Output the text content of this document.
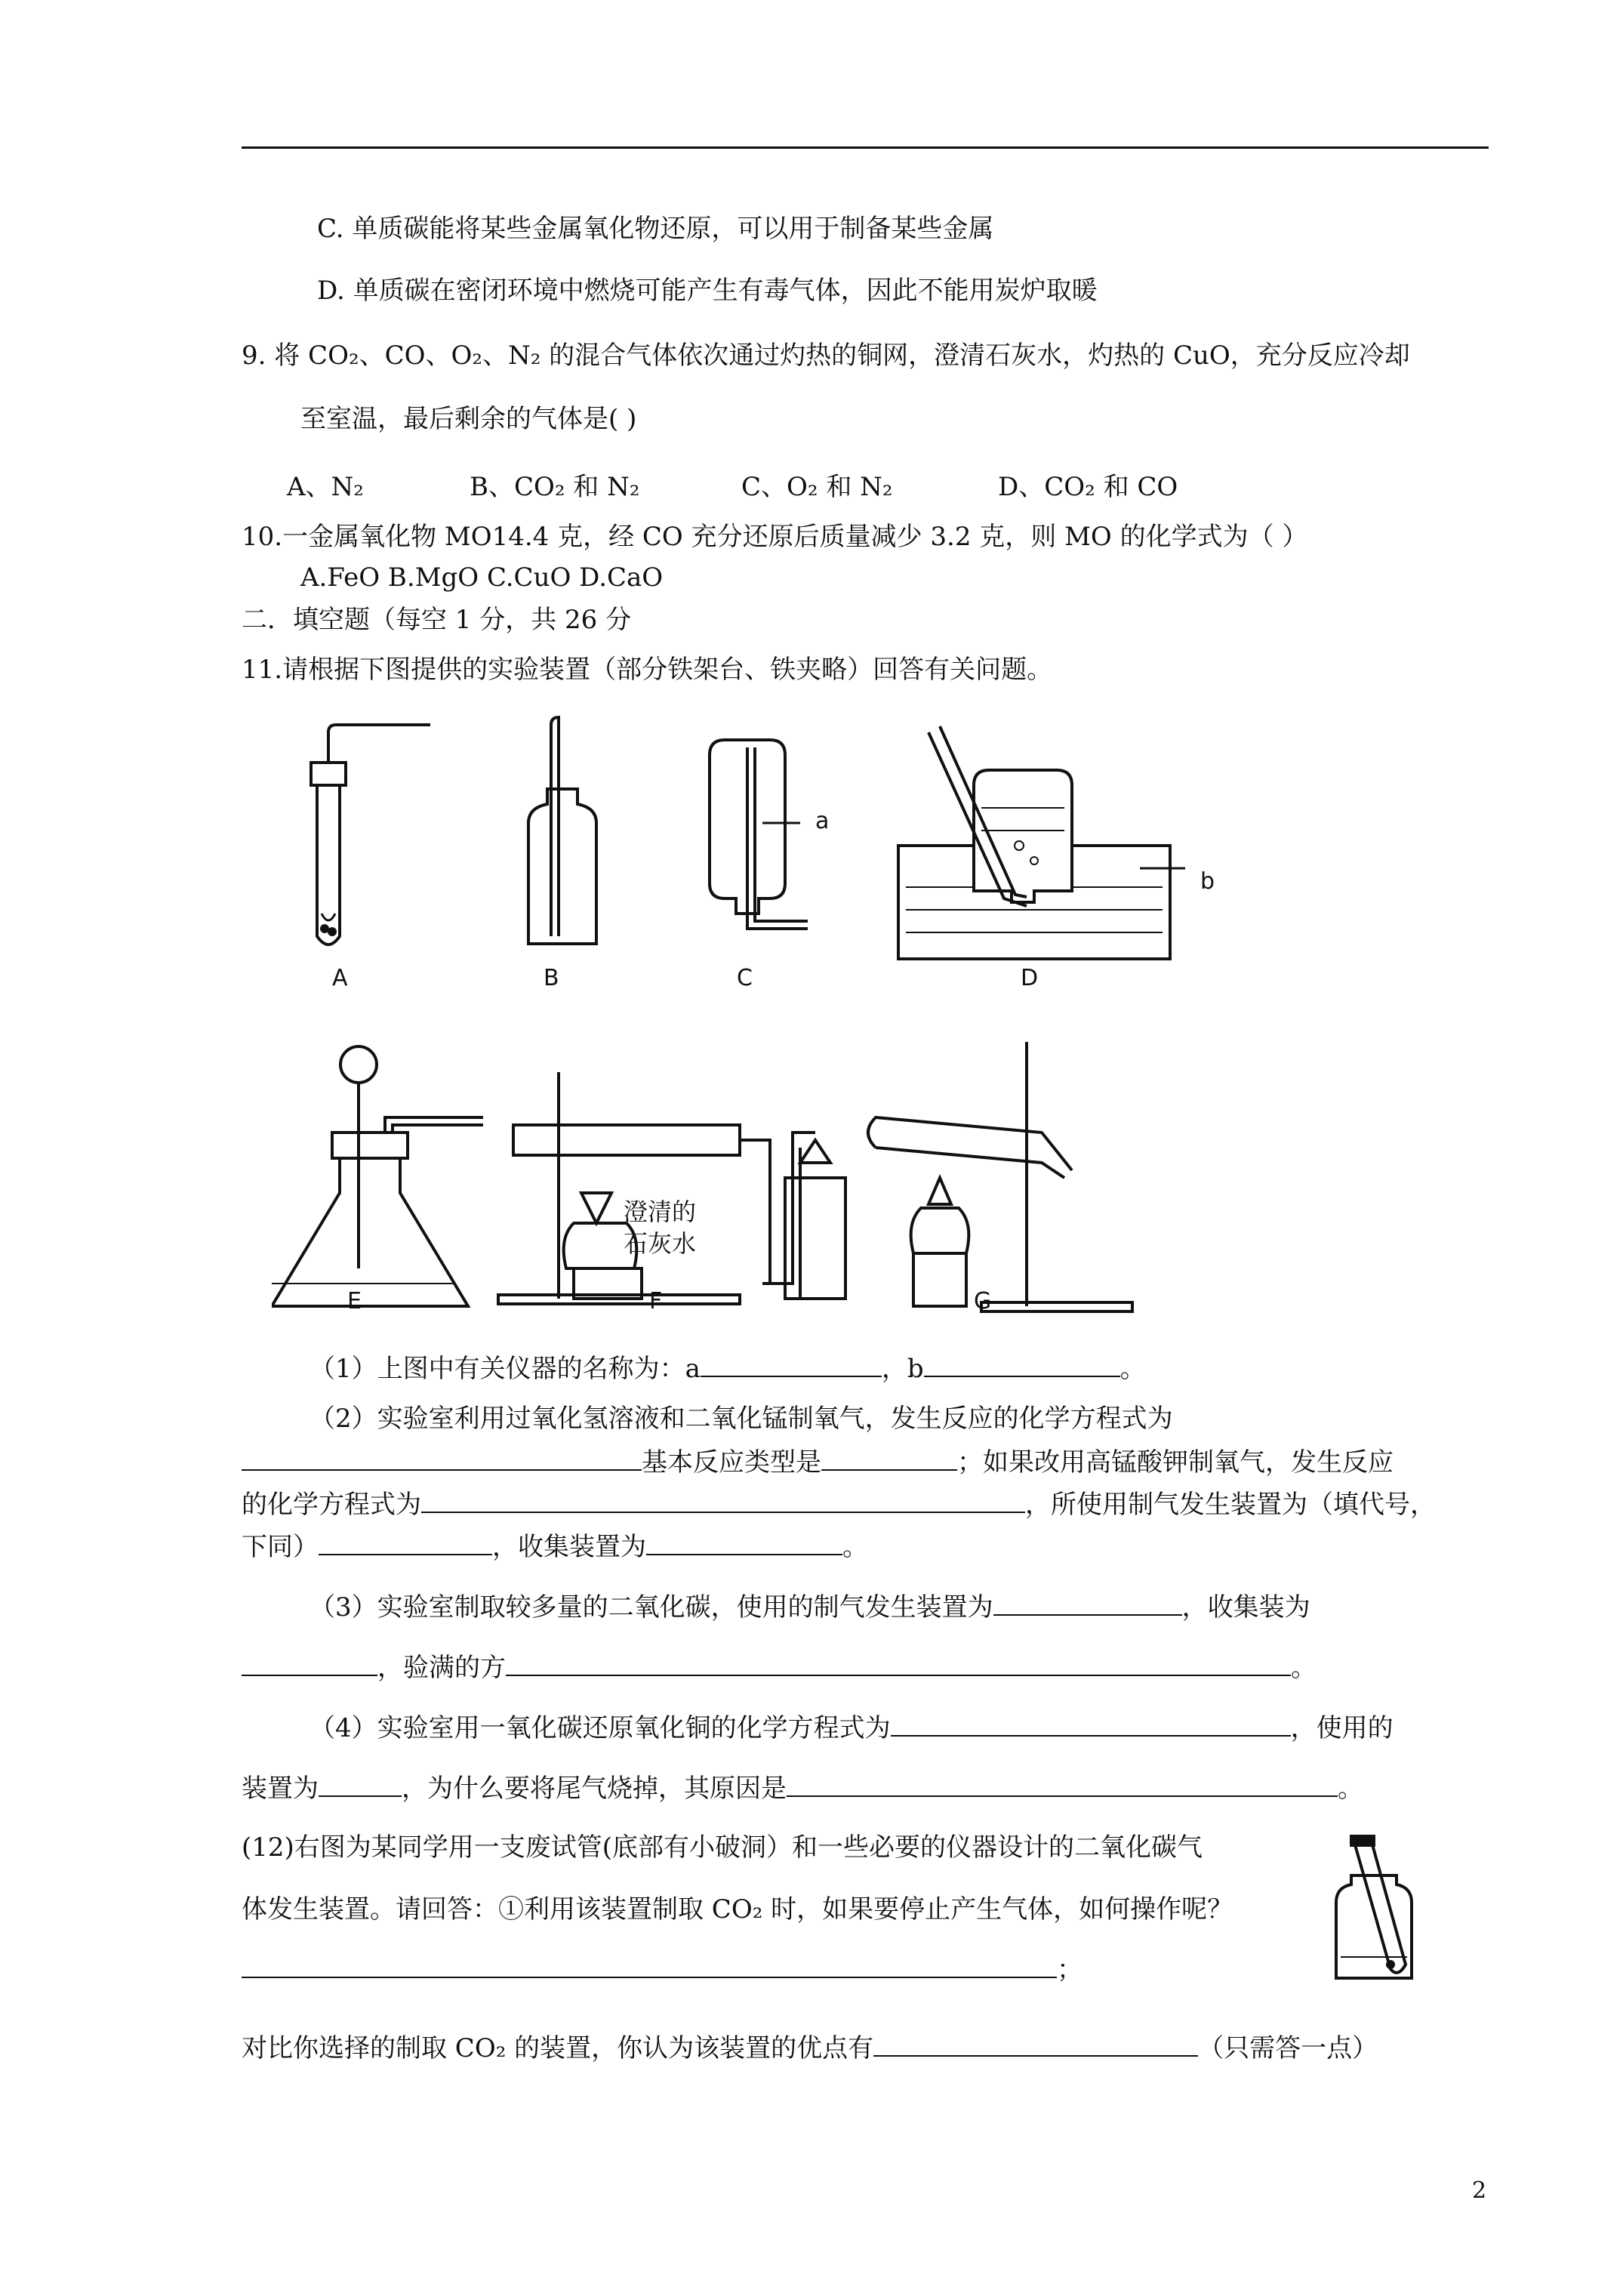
C. 单质碳能将某些金属氧化物还原，可以用于制备某些金属
D. 单质碳在密闭环境中燃烧可能产生有毒气体，因此不能用炭炉取暖
9. 将 CO₂、CO、O₂、N₂ 的混合气体依次通过灼热的铜网，澄清石灰水，灼热的 CuO，充分反应冷却
至室温，最后剩余的气体是( )
A、N₂	B、CO₂ 和 N₂	C、O₂ 和 N₂	D、CO₂ 和 CO
10.一金属氧化物 MO14.4 克，经 CO 充分还原后质量减少 3.2 克，则 MO 的化学式为（ ）
A.FeO B.MgO C.CuO D.CaO
二．填空题（每空 1 分，共 26 分
11.请根据下图提供的实验装置（部分铁架台、铁夹略）回答有关问题。
A	B	C	D
a
b
E	F	G
澄清的
石灰水
（1）上图中有关仪器的名称为：a	，b	。
（2）实验室利用过氧化氢溶液和二氧化锰制氧气，发生反应的化学方程式为
基本反应类型是	；如果改用高锰酸钾制氧气，发生反应
的化学方程式为	，所使用制气发生装置为（填代号，
下同）	，收集装置为	。
（3）实验室制取较多量的二氧化碳，使用的制气发生装置为	，收集装为
，验满的方	。
（4）实验室用一氧化碳还原氧化铜的化学方程式为	，使用的
装置为	，为什么要将尾气烧掉，其原因是	。
(12)右图为某同学用一支废试管(底部有小破洞）和一些必要的仪器设计的二氧化碳气
体发生装置。请回答：①利用该装置制取 CO₂ 时，如果要停止产生气体，如何操作呢？
；
对比你选择的制取 CO₂ 的装置，你认为该装置的优点有	（只需答一点）
2
